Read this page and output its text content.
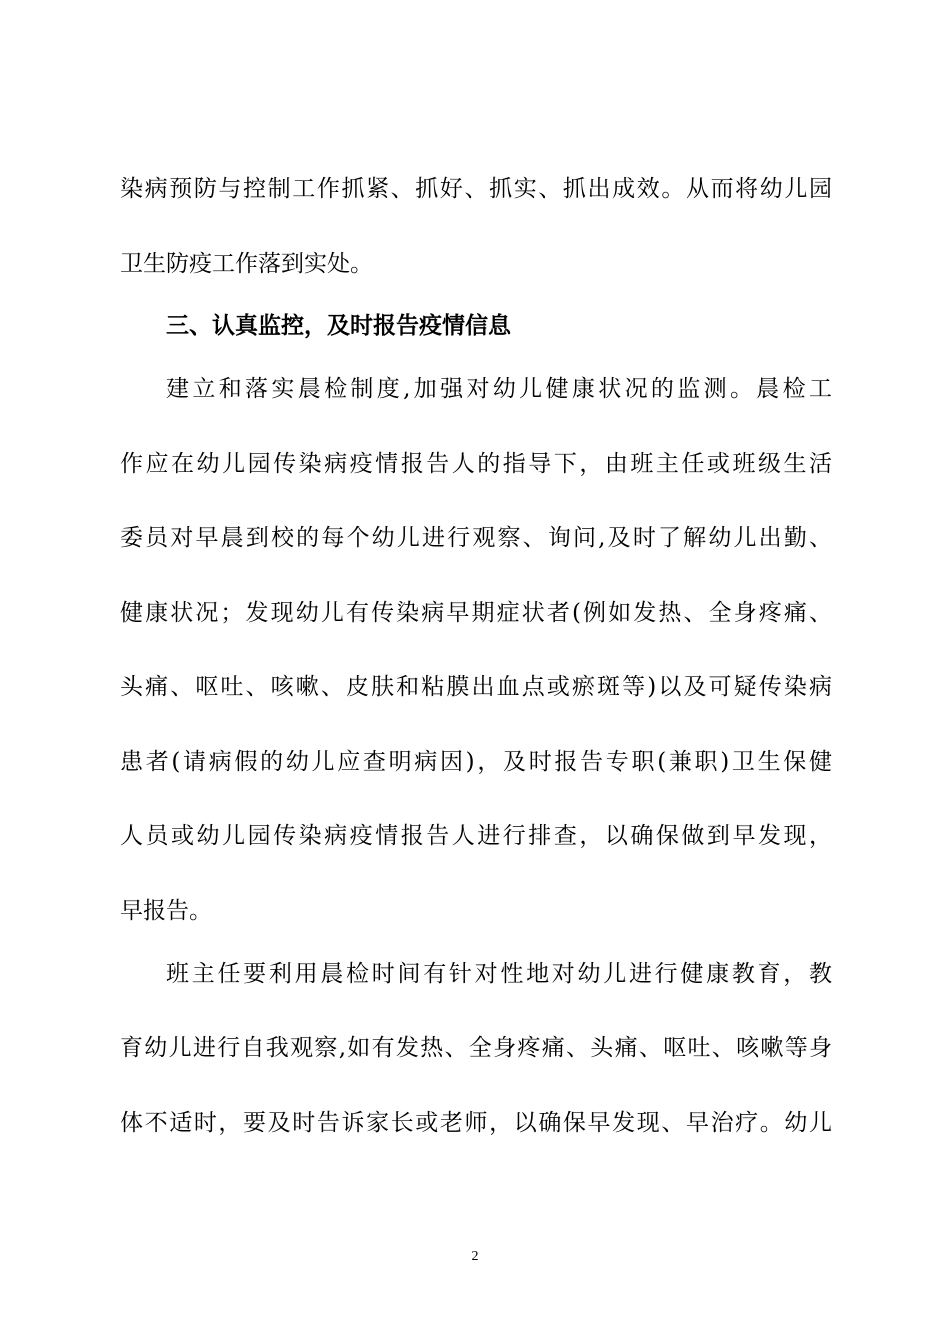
染病预防与控制工作抓紧、抓好、抓实、抓出成效。从而将幼儿园
卫生防疫工作落到实处。
三、认真监控，及时报告疫情信息
建立和落实晨检制度,加强对幼儿健康状况的监测。晨检工
作应在幼儿园传染病疫情报告人的指导下，由班主任或班级生活
委员对早晨到校的每个幼儿进行观察、询问,及时了解幼儿出勤、
健康状况；发现幼儿有传染病早期症状者(例如发热、全身疼痛、
头痛、呕吐、咳嗽、皮肤和粘膜出血点或瘀斑等)以及可疑传染病
患者(请病假的幼儿应查明病因)，及时报告专职(兼职)卫生保健
人员或幼儿园传染病疫情报告人进行排查，以确保做到早发现，
早报告。
班主任要利用晨检时间有针对性地对幼儿进行健康教育，教
育幼儿进行自我观察,如有发热、全身疼痛、头痛、呕吐、咳嗽等身
体不适时，要及时告诉家长或老师，以确保早发现、早治疗。幼儿
2
